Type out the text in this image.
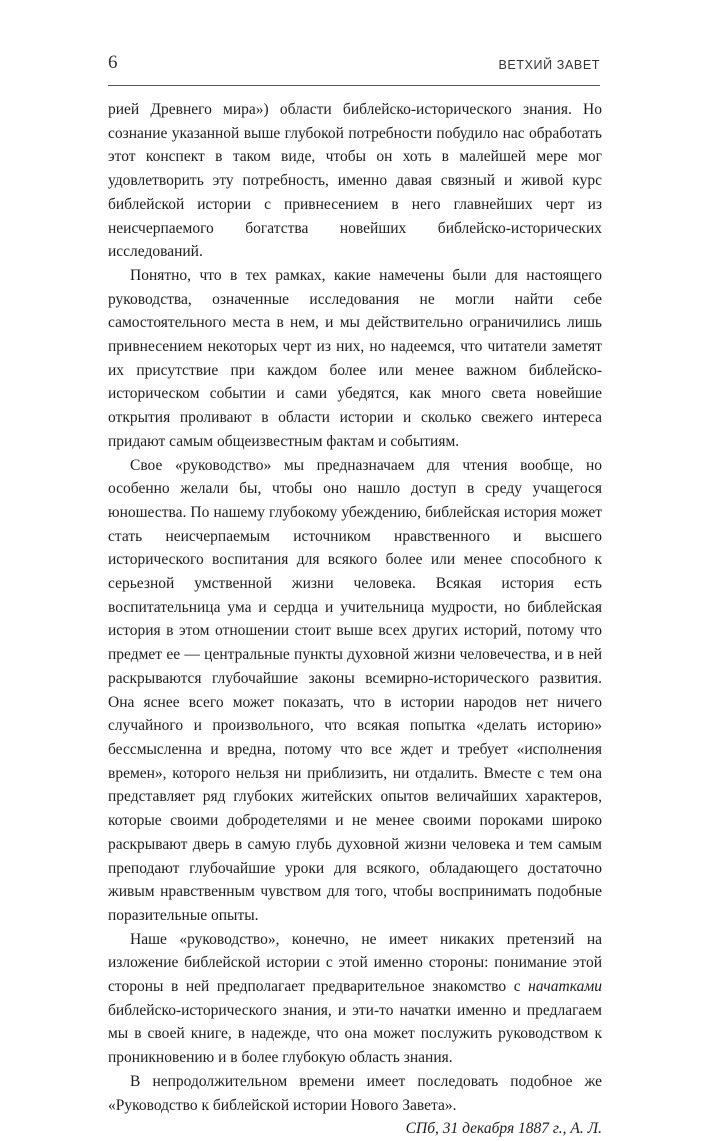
6	ВЕТХИЙ ЗАВЕТ

рией Древнего мира») области библейско-исторического знания. Но сознание указанной выше глубокой потребности побудило нас обработать этот конспект в таком виде, чтобы он хоть в малейшей мере мог удовлетворить эту потребность, именно давая связный и живой курс библейской истории с привнесением в него главнейших черт из неисчерпаемого богатства новейших библейско-исторических исследований.

Понятно, что в тех рамках, какие намечены были для настоящего руководства, означенные исследования не могли найти себе самостоятельного места в нем, и мы действительно ограничились лишь привнесением некоторых черт из них, но надеемся, что читатели заметят их присутствие при каждом более или менее важном библейско-историческом событии и сами убедятся, как много света новейшие открытия проливают в области истории и сколько свежего интереса придают самым общеизвестным фактам и событиям.

Свое «руководство» мы предназначаем для чтения вообще, но особенно желали бы, чтобы оно нашло доступ в среду учащегося юношества. По нашему глубокому убеждению, библейская история может стать неисчерпаемым источником нравственного и высшего исторического воспитания для всякого более или менее способного к серьезной умственной жизни человека. Всякая история есть воспитательница ума и сердца и учительница мудрости, но библейская история в этом отношении стоит выше всех других историй, потому что предмет ее — центральные пункты духовной жизни человечества, и в ней раскрываются глубочайшие законы всемирно-исторического развития. Она яснее всего может показать, что в истории народов нет ничего случайного и произвольного, что всякая попытка «делать историю» бессмысленна и вредна, потому что все ждет и требует «исполнения времен», которого нельзя ни приблизить, ни отдалить. Вместе с тем она представляет ряд глубоких житейских опытов величайших характеров, которые своими добродетелями и не менее своими пороками широко раскрывают дверь в самую глубь духовной жизни человека и тем самым преподают глубочайшие уроки для всякого, обладающего достаточно живым нравственным чувством для того, чтобы воспринимать подобные поразительные опыты.

Наше «руководство», конечно, не имеет никаких претензий на изложение библейской истории с этой именно стороны: понимание этой стороны в ней предполагает предварительное знакомство с начатками библейско-исторического знания, и эти-то начатки именно и предлагаем мы в своей книге, в надежде, что она может послужить руководством к проникновению и в более глубокую область знания.

В непродолжительном времени имеет последовать подобное же «Руководство к библейской истории Нового Завета».

СПб, 31 декабря 1887 г., А. Л.
